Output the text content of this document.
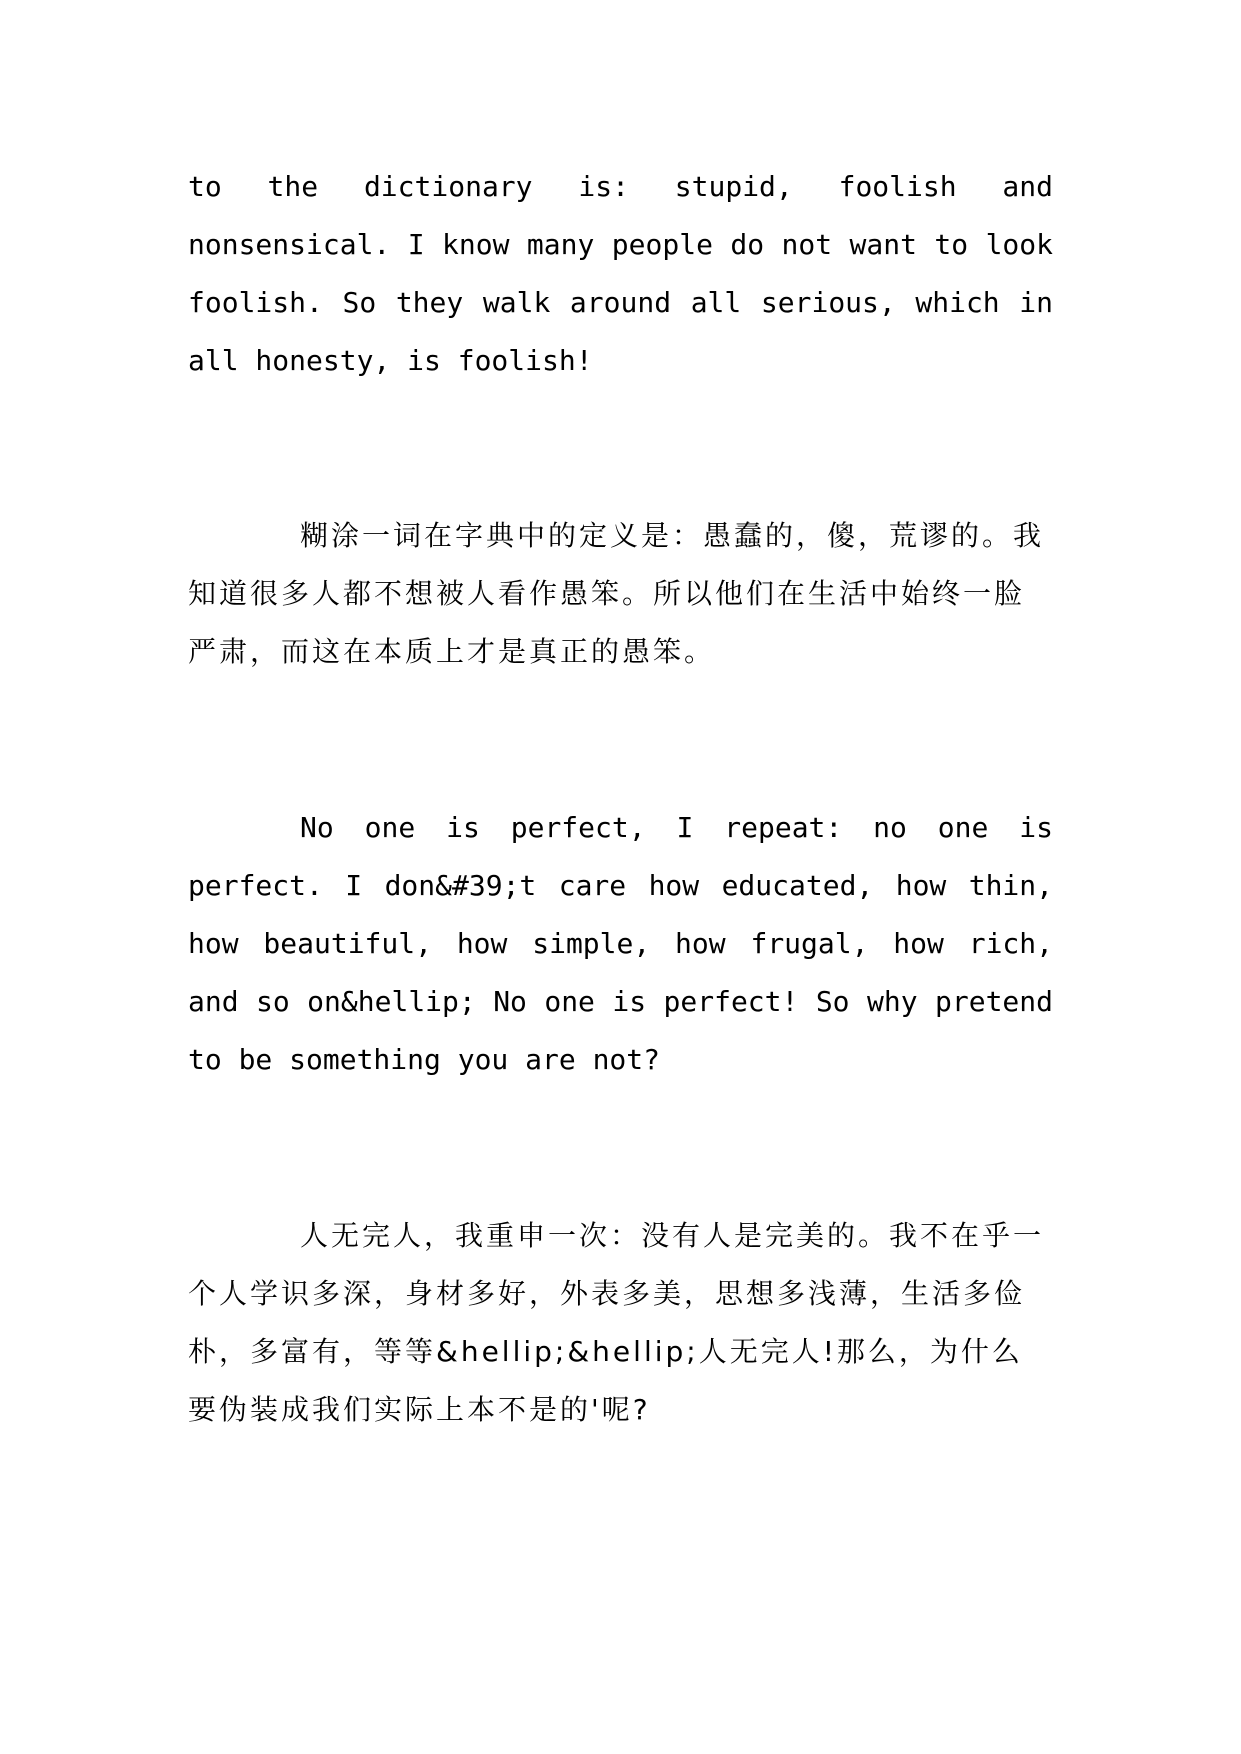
to the dictionary is: stupid, foolish and nonsensical. I know many people do not want to look foolish. So they walk around all serious, which in all honesty, is foolish!

糊涂一词在字典中的定义是：愚蠢的，傻，荒谬的。我知道很多人都不想被人看作愚笨。所以他们在生活中始终一脸严肃，而这在本质上才是真正的愚笨。

No one is perfect, I repeat: no one is perfect. I don&#39;t care how educated, how thin, how beautiful, how simple, how frugal, how rich, and so on&hellip; No one is perfect! So why pretend to be something you are not?

人无完人，我重申一次：没有人是完美的。我不在乎一个人学识多深，身材多好，外表多美，思想多浅薄，生活多俭朴，多富有，等等&hellip;&hellip;人无完人!那么，为什么要伪装成我们实际上本不是的'呢?
